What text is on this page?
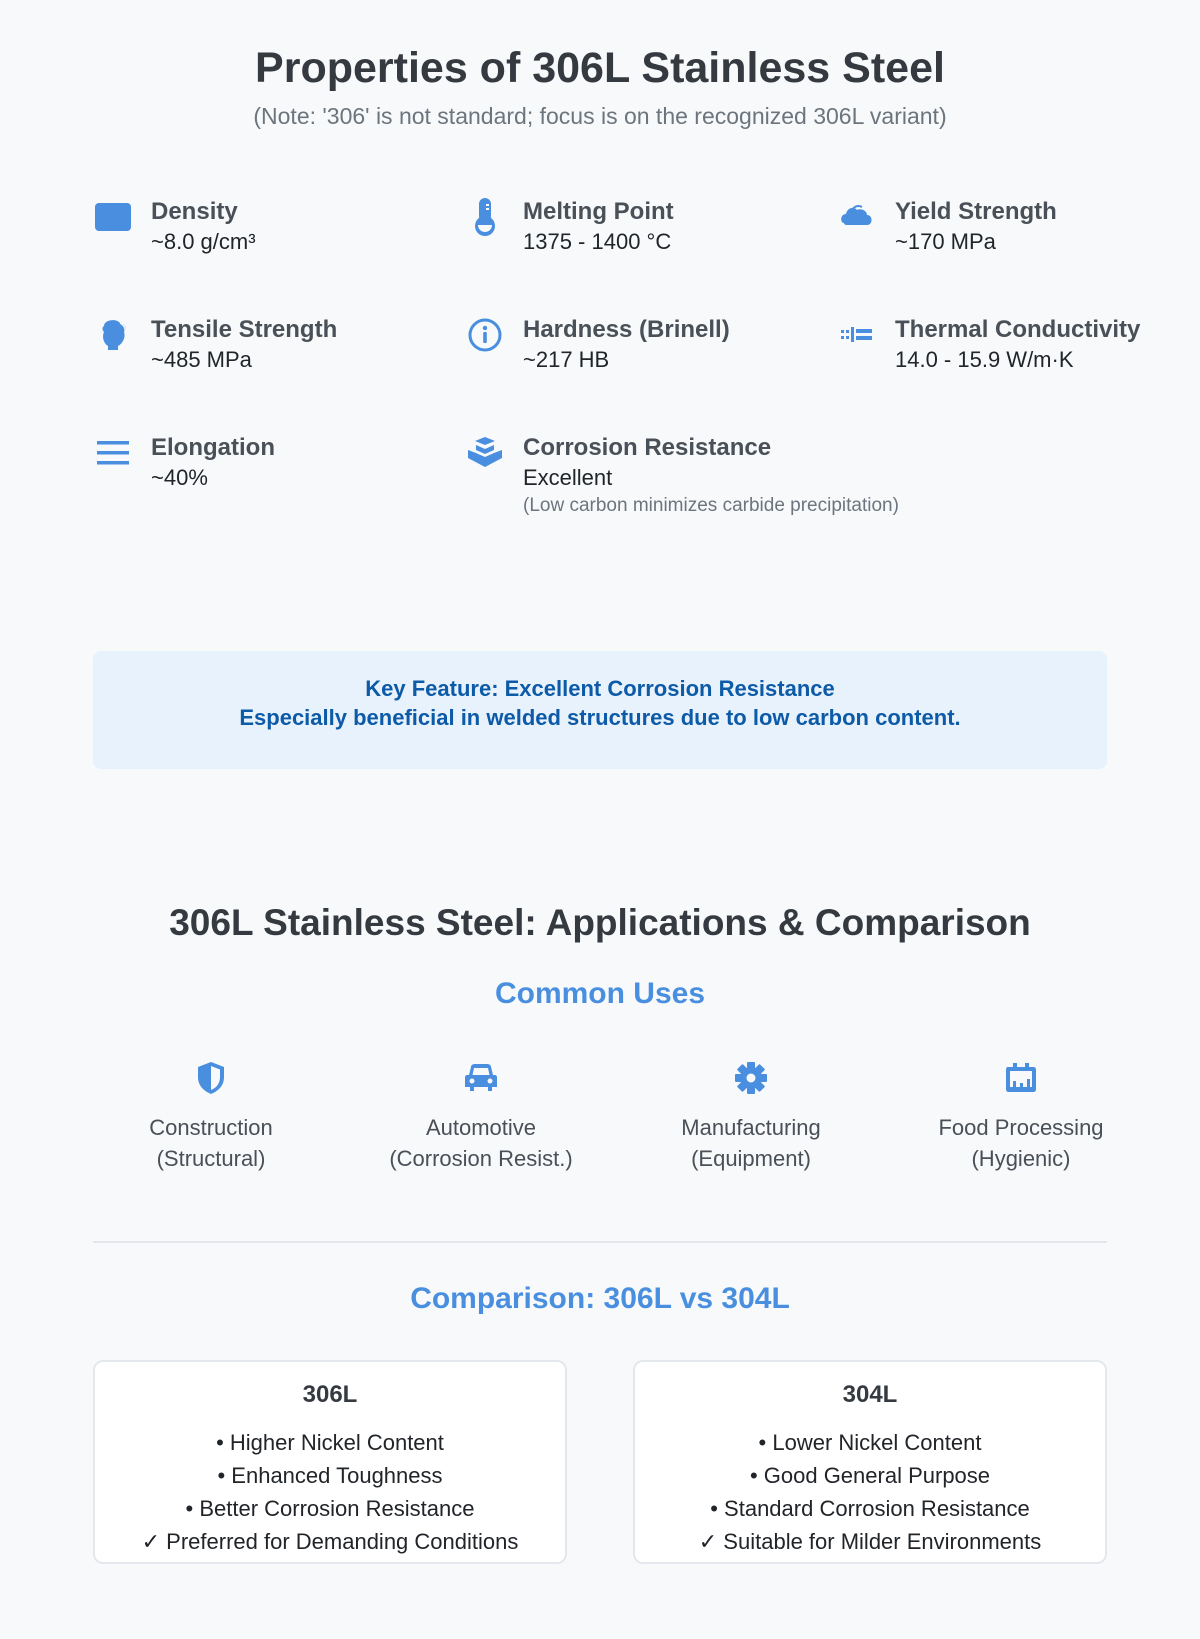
Properties of 306L Stainless Steel

(Note: '306' is not standard; focus is on the recognized 306L variant)

Density
~8.0 g/cm³
Melting Point
1375 - 1400 °C
Yield Strength
~170 MPa
Tensile Strength
~485 MPa
Hardness (Brinell)
~217 HB
Thermal Conductivity
14.0 - 15.9 W/m·K
Elongation
~40%
Corrosion Resistance
Excellent
(Low carbon minimizes carbide precipitation)
Key Feature: Excellent Corrosion Resistance
Especially beneficial in welded structures due to low carbon content.
306L Stainless Steel: Applications & Comparison
Common Uses
Construction
(Structural)
Automotive
(Corrosion Resist.)
Manufacturing
(Equipment)
Food Processing
(Hygienic)
Comparison: 306L vs 304L
306L
• Higher Nickel Content
• Enhanced Toughness
• Better Corrosion Resistance
✓ Preferred for Demanding Conditions
304L
• Lower Nickel Content
• Good General Purpose
• Standard Corrosion Resistance
✓ Suitable for Milder Environments
